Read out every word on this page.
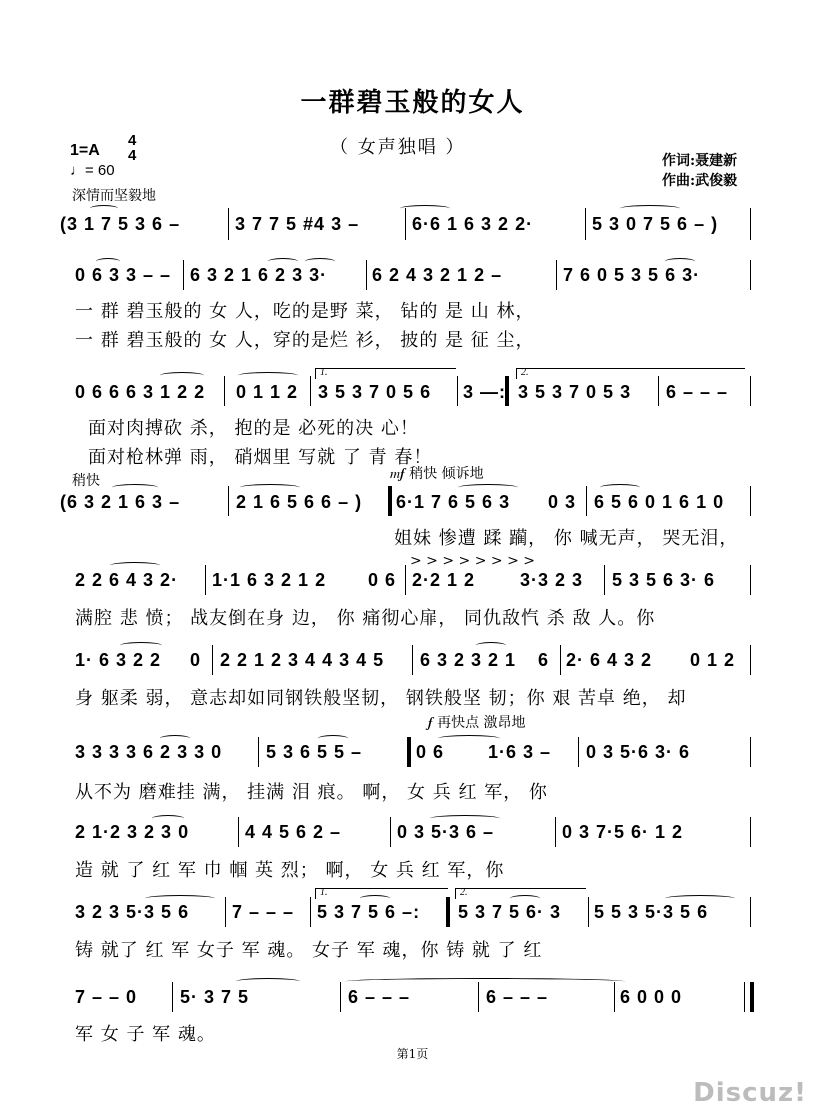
一群碧玉般的女人
（ 女声独唱 ）
1=A
4
4
♩= 60
作词:聂建新
作曲:武俊毅
深情而坚毅地
(3 1 7 5 3 6 –	3 7 7 5 #4 3 –	6·6 1 6 3 2 2·	5 3 0 7 5 6 – )
0 6 3 3 – – 6 3 2 1 6 2 3 3· 6 2 4 3 2 1 2 –	7 6 0 5 3 5 6 3·
一 群 碧玉般的 女 人，吃的是野 菜， 钻的 是 山 林，
一 群 碧玉般的 女 人，穿的是烂 衫， 披的 是 征 尘，
1.	2.
0 6 6 6 3 1 2 2 0 1 1 2 3 5 3 7 0 5 6 3 —: 3 5 3 7 0 5 3 6 – – –
面对肉搏砍 杀， 抱的是 必死的决 心！
面对枪林弹 雨， 硝烟里 写就 了 青 春！
稍快	𝆐𝆑 稍快 倾诉地
(6 3 2 1 6 3 –	2 1 6 5 6 6 – ) 6·1 7 6 5 6 3 0 3 6 5 6 0 1 6 1 0
姐妹 惨遭 蹂 躏， 你 喊无声， 哭无泪，
> > > > > > > >
2 2 6 4 3 2· 1·1 6 3 2 1 2 0 6 2·2 1 2 3·3 2 3 5 3 5 6 3· 6
满腔 悲 愤； 战友倒在身 边， 你 痛彻心扉， 同仇敌忾 杀 敌 人。你
1· 6 3 2 2 0 2 2 1 2 3 4 4 3 4 5 6 3 2 3 2 1 6 2· 6 4 3 2 0 1 2
身 躯柔 弱， 意志却如同钢铁般坚韧， 钢铁般坚 韧；你 艰 苦卓 绝， 却
𝆑 再快点 激昂地
3 3 3 3 6 2 3 3 0 5 3 6 5 5 –	0 6 1·6 3 – 0 3 5·6 3· 6
从不为 磨难挂 满， 挂满 泪 痕。 啊， 女 兵 红 军， 你
2 1·2 3 2 3 0	4 4 5 6 2 –	0 3 5·3 6 –	0 3 7·5 6· 1 2
造 就 了 红 军 巾 帼 英 烈； 啊， 女 兵 红 军，你
1.	2.
3 2 3 5·3 5 6 7 – – – 5 3 7 5 6 –: 5 3 7 5 6· 3 5 5 3 5·3 5 6
铸 就了 红 军 女子 军 魂。 女子 军 魂，你 铸 就 了 红
7 – – 0 5· 3 7 5	6 – – –	6 – – –	6 0 0 0
军 女 子 军 魂。
第1页
Discuz!
